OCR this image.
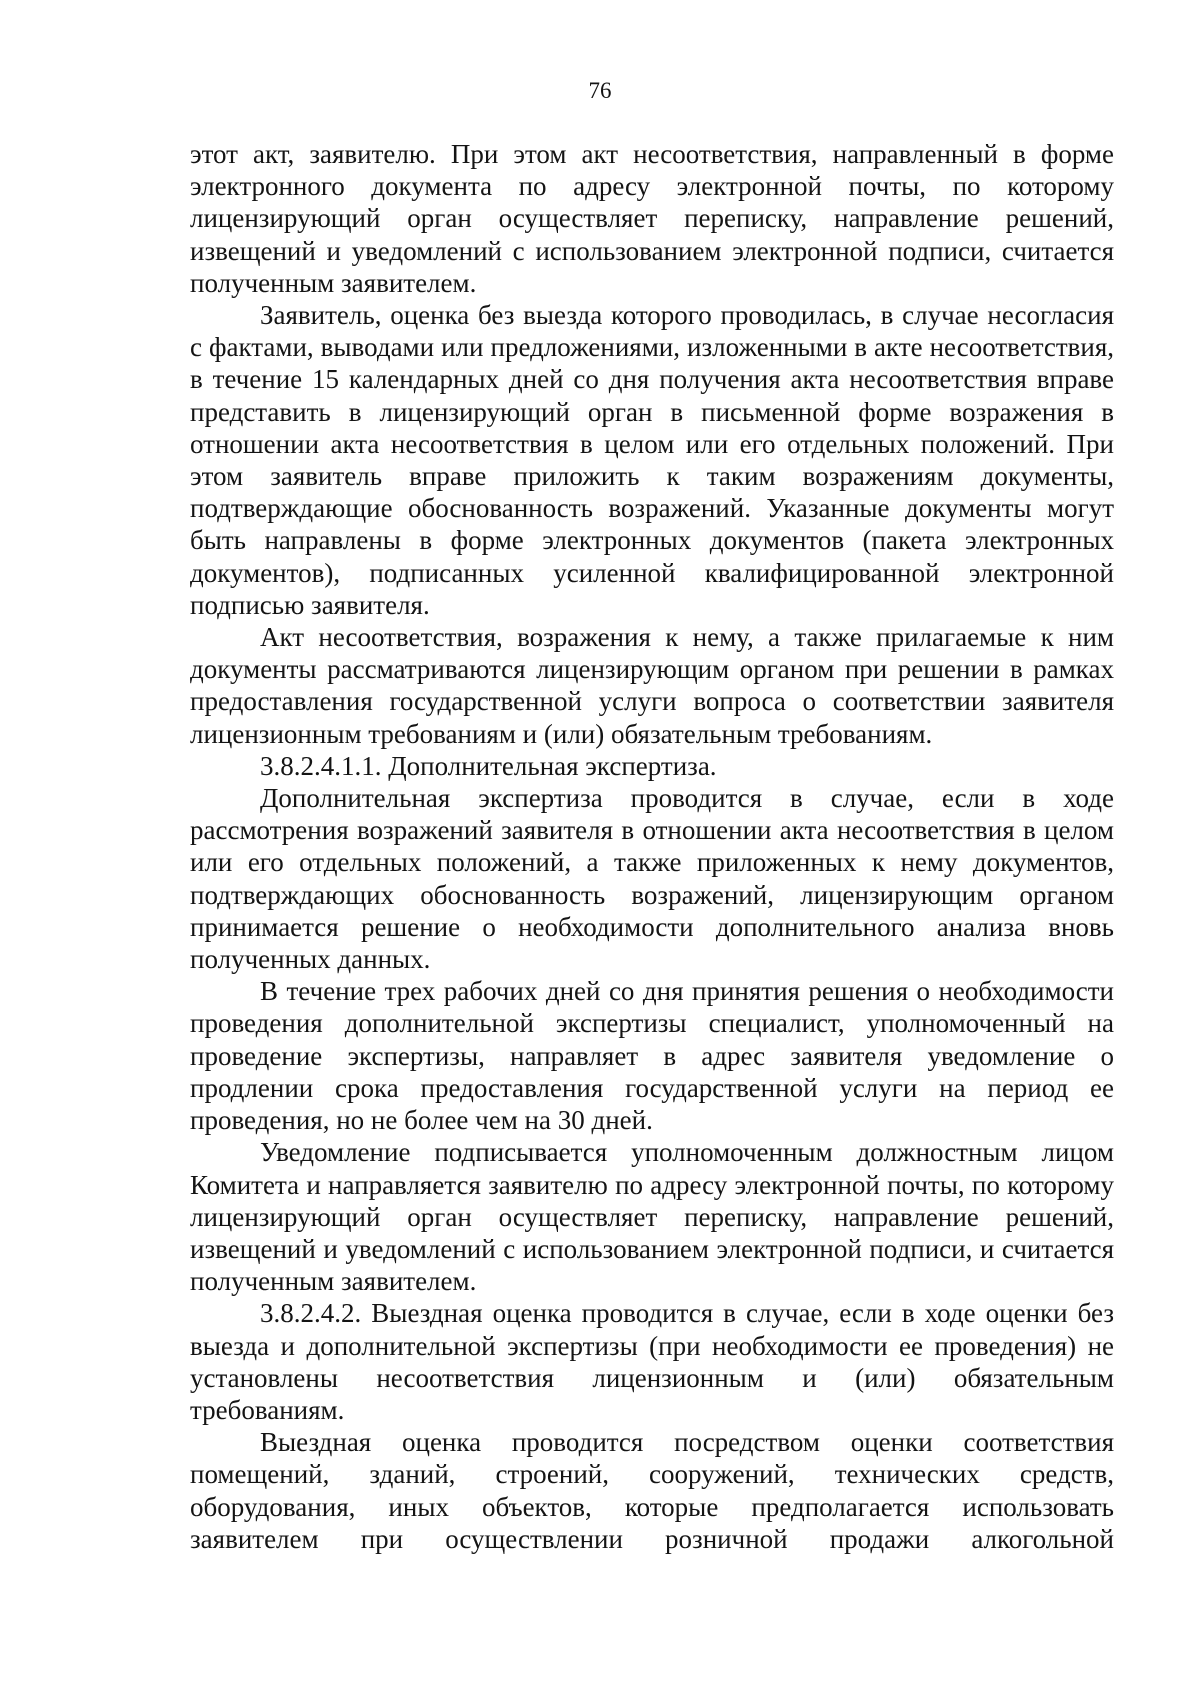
76

этот акт, заявителю. При этом акт несоответствия, направленный в форме электронного документа по адресу электронной почты, по которому лицензирующий орган осуществляет переписку, направление решений, извещений и уведомлений с использованием электронной подписи, считается полученным заявителем.

Заявитель, оценка без выезда которого проводилась, в случае несогласия с фактами, выводами или предложениями, изложенными в акте несоответствия, в течение 15 календарных дней со дня получения акта несоответствия вправе представить в лицензирующий орган в письменной форме возражения в отношении акта несоответствия в целом или его отдельных положений. При этом заявитель вправе приложить к таким возражениям документы, подтверждающие обоснованность возражений. Указанные документы могут быть направлены в форме электронных документов (пакета электронных документов), подписанных усиленной квалифицированной электронной подписью заявителя.

Акт несоответствия, возражения к нему, а также прилагаемые к ним документы рассматриваются лицензирующим органом при решении в рамках предоставления государственной услуги вопроса о соответствии заявителя лицензионным требованиям и (или) обязательным требованиям.

3.8.2.4.1.1. Дополнительная экспертиза.

Дополнительная экспертиза проводится в случае, если в ходе рассмотрения возражений заявителя в отношении акта несоответствия в целом или его отдельных положений, а также приложенных к нему документов, подтверждающих обоснованность возражений, лицензирующим органом принимается решение о необходимости дополнительного анализа вновь полученных данных.

В течение трех рабочих дней со дня принятия решения о необходимости проведения дополнительной экспертизы специалист, уполномоченный на проведение экспертизы, направляет в адрес заявителя уведомление о продлении срока предоставления государственной услуги на период ее проведения, но не более чем на 30 дней.

Уведомление подписывается уполномоченным должностным лицом Комитета и направляется заявителю по адресу электронной почты, по которому лицензирующий орган осуществляет переписку, направление решений, извещений и уведомлений с использованием электронной подписи, и считается полученным заявителем.

3.8.2.4.2. Выездная оценка проводится в случае, если в ходе оценки без выезда и дополнительной экспертизы (при необходимости ее проведения) не установлены несоответствия лицензионным и (или) обязательным требованиям.

Выездная оценка проводится посредством оценки соответствия помещений, зданий, строений, сооружений, технических средств, оборудования, иных объектов, которые предполагается использовать заявителем при осуществлении розничной продажи алкогольной
